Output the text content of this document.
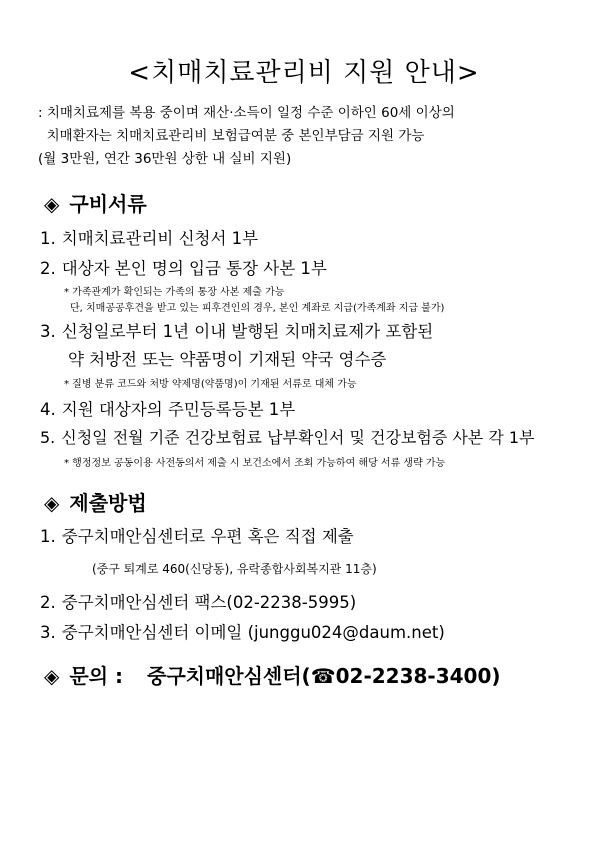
<치매치료관리비 지원 안내>
: 치매치료제를 복용 중이며 재산·소득이 일정 수준 이하인 60세 이상의
치매환자는 치매치료관리비 보험급여분 중 본인부담금 지원 가능
(월 3만원, 연간 36만원 상한 내 실비 지원)
◈ 구비서류
1. 치매치료관리비 신청서 1부
2. 대상자 본인 명의 입금 통장 사본 1부
* 가족관계가 확인되는 가족의 통장 사본 제출 가능
단, 치매공공후견을 받고 있는 피후견인의 경우, 본인 계좌로 지급(가족계좌 지급 불가)
3. 신청일로부터 1년 이내 발행된 치매치료제가 포함된
약 처방전 또는 약품명이 기재된 약국 영수증
* 질병 분류 코드와 처방 약제명(약품명)이 기재된 서류로 대체 가능
4. 지원 대상자의 주민등록등본 1부
5. 신청일 전월 기준 건강보험료 납부확인서 및 건강보험증 사본 각 1부
* 행정정보 공동이용 사전동의서 제출 시 보건소에서 조회 가능하여 해당 서류 생략 가능
◈ 제출방법
1. 중구치매안심센터로 우편 혹은 직접 제출
(중구 퇴계로 460(신당동), 유락종합사회복지관 11층)
2. 중구치매안심센터 팩스(02-2238-5995)
3. 중구치매안심센터 이메일 (junggu024@daum.net)
◈ 문의 : 중구치매안심센터(☎02-2238-3400)
